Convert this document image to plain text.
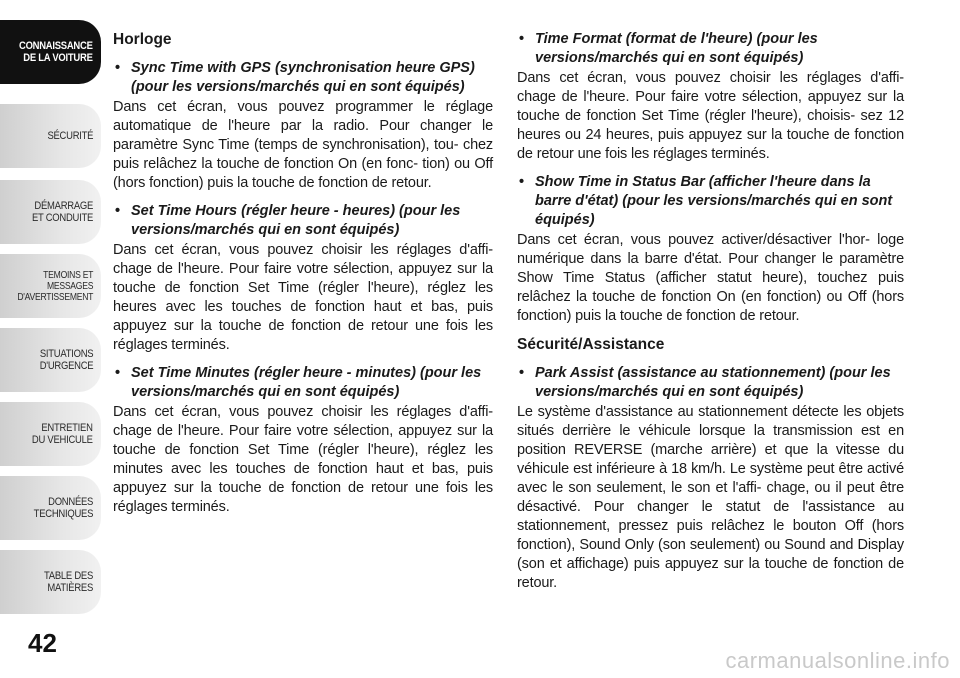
CONNAISSANCE
DE LA VOITURE
SÉCURITÉ
DÉMARRAGE
ET CONDUITE
TEMOINS ET
MESSAGES
D'AVERTISSEMENT
SITUATIONS
D'URGENCE
ENTRETIEN
DU VEHICULE
DONNÉES
TECHNIQUES
TABLE DES
MATIÈRES
42
Horloge
• Sync Time with GPS (synchronisation heure GPS) (pour les versions/marchés qui en sont équipés)
Dans cet écran, vous pouvez programmer le réglage automatique de l'heure par la radio. Pour changer le paramètre Sync Time (temps de synchronisation), tou- chez puis relâchez la touche de fonction On (en fonc- tion) ou Off (hors fonction) puis la touche de fonction de retour.
• Set Time Hours (régler heure - heures) (pour les versions/marchés qui en sont équipés)
Dans cet écran, vous pouvez choisir les réglages d'affi- chage de l'heure. Pour faire votre sélection, appuyez sur la touche de fonction Set Time (régler l'heure), réglez les heures avec les touches de fonction haut et bas, puis appuyez sur la touche de fonction de retour une fois les réglages terminés.
• Set Time Minutes (régler heure - minutes) (pour les versions/marchés qui en sont équipés)
Dans cet écran, vous pouvez choisir les réglages d'affi- chage de l'heure. Pour faire votre sélection, appuyez sur la touche de fonction Set Time (régler l'heure), réglez les minutes avec les touches de fonction haut et bas, puis appuyez sur la touche de fonction de retour une fois les réglages terminés.
• Time Format (format de l'heure) (pour les versions/marchés qui en sont équipés)
Dans cet écran, vous pouvez choisir les réglages d'affi- chage de l'heure. Pour faire votre sélection, appuyez sur la touche de fonction Set Time (régler l'heure), choisis- sez 12 heures ou 24 heures, puis appuyez sur la touche de fonction de retour une fois les réglages terminés.
• Show Time in Status Bar (afficher l'heure dans la barre d'état) (pour les versions/marchés qui en sont équipés)
Dans cet écran, vous pouvez activer/désactiver l'hor- loge numérique dans la barre d'état. Pour changer le paramètre Show Time Status (afficher statut heure), touchez puis relâchez la touche de fonction On (en fonction) ou Off (hors fonction) puis la touche de fonction de retour.
Sécurité/Assistance
• Park Assist (assistance au stationnement) (pour les versions/marchés qui en sont équipés)
Le système d'assistance au stationnement détecte les objets situés derrière le véhicule lorsque la transmission est en position REVERSE (marche arrière) et que la vitesse du véhicule est inférieure à 18 km/h. Le système peut être activé avec le son seulement, le son et l'affi- chage, ou il peut être désactivé. Pour changer le statut de l'assistance au stationnement, pressez puis relâchez le bouton Off (hors fonction), Sound Only (son seulement) ou Sound and Display (son et affichage) puis appuyez sur la touche de fonction de retour.
carmanualsonline.info
